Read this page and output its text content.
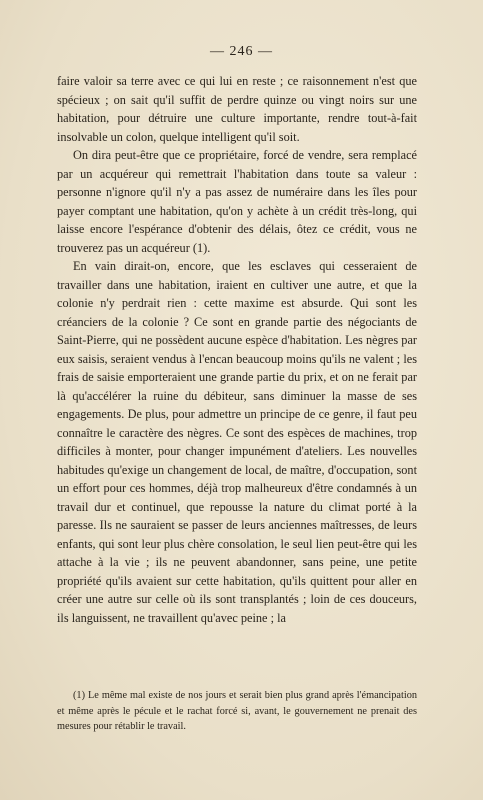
— 246 —

faire valoir sa terre avec ce qui lui en reste ; ce raisonnement n'est que spécieux ; on sait qu'il suffit de perdre quinze ou vingt noirs sur une habitation, pour détruire une culture importante, rendre tout-à-fait insolvable un colon, quelque intelligent qu'il soit.

On dira peut-être que ce propriétaire, forcé de vendre, sera remplacé par un acquéreur qui remettrait l'habitation dans toute sa valeur : personne n'ignore qu'il n'y a pas assez de numéraire dans les îles pour payer comptant une habitation, qu'on y achète à un crédit très-long, qui laisse encore l'espérance d'obtenir des délais, ôtez ce crédit, vous ne trouverez pas un acquéreur (1).

En vain dirait-on, encore, que les esclaves qui cesseraient de travailler dans une habitation, iraient en cultiver une autre, et que la colonie n'y perdrait rien : cette maxime est absurde. Qui sont les créanciers de la colonie ? Ce sont en grande partie des négociants de Saint-Pierre, qui ne possèdent aucune espèce d'habitation. Les nègres par eux saisis, seraient vendus à l'encan beaucoup moins qu'ils ne valent ; les frais de saisie emporteraient une grande partie du prix, et on ne ferait par là qu'accélérer la ruine du débiteur, sans diminuer la masse de ses engagements. De plus, pour admettre un principe de ce genre, il faut peu connaître le caractère des nègres. Ce sont des espèces de machines, trop difficiles à monter, pour changer impunément d'ateliers. Les nouvelles habitudes qu'exige un changement de local, de maître, d'occupation, sont un effort pour ces hommes, déjà trop malheureux d'être condamnés à un travail dur et continuel, que repousse la nature du climat porté à la paresse. Ils ne sauraient se passer de leurs anciennes maîtresses, de leurs enfants, qui sont leur plus chère consolation, le seul lien peut-être qui les attache à la vie ; ils ne peuvent abandonner, sans peine, une petite propriété qu'ils avaient sur cette habitation, qu'ils quittent pour aller en créer une autre sur celle où ils sont transplantés ; loin de ces douceurs, ils languissent, ne travaillent qu'avec peine ; la

(1) Le même mal existe de nos jours et serait bien plus grand après l'émancipation et même après le pécule et le rachat forcé si, avant, le gouvernement ne prenait des mesures pour rétablir le travail.
